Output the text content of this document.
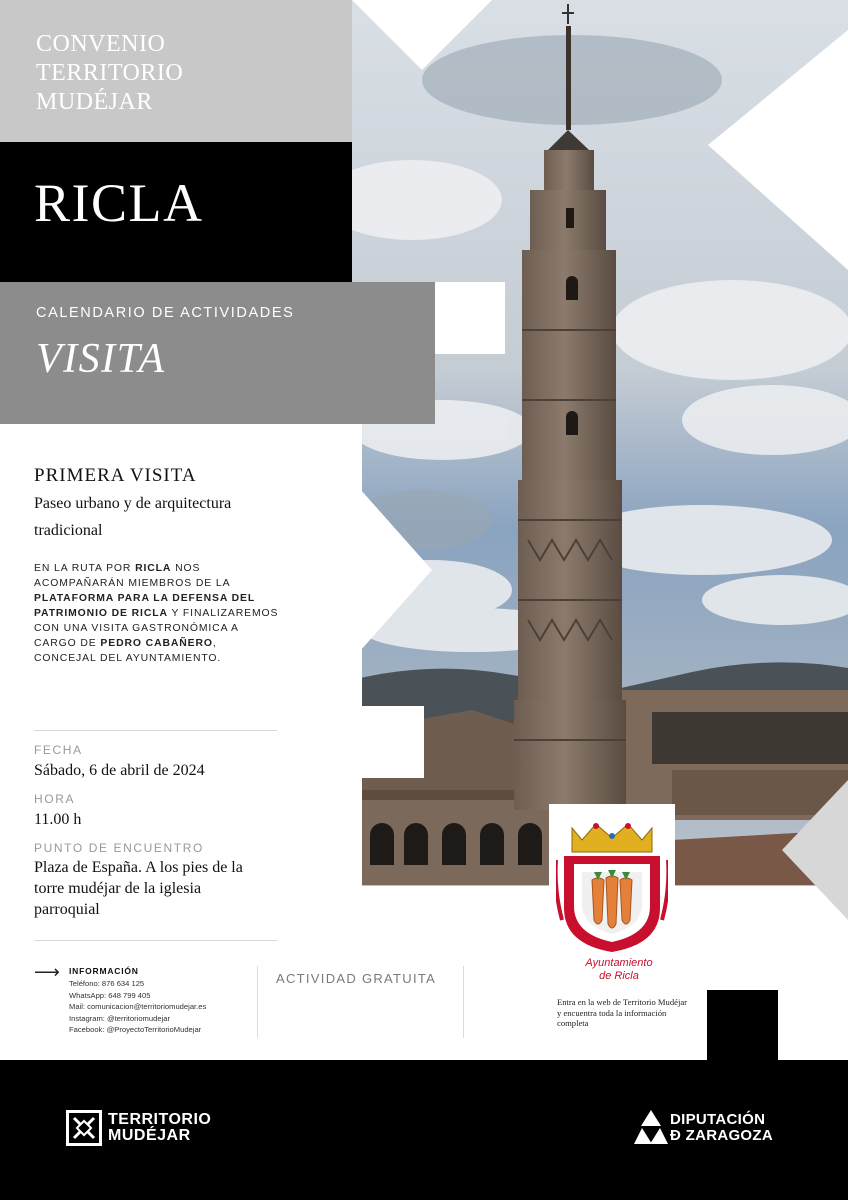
CONVENIO
TERRITORIO
MUDÉJAR
RICLA
CALENDARIO DE ACTIVIDADES
VISITA
PRIMERA VISITA
Paseo urbano y de arquitectura tradicional
EN LA RUTA POR RICLA NOS ACOMPAÑARÁN MIEMBROS DE LA PLATAFORMA PARA LA DEFENSA DEL PATRIMONIO DE RICLA Y FINALIZAREMOS CON UNA VISITA GASTRONÓMICA A CARGO DE PEDRO CABAÑERO, CONCEJAL DEL AYUNTAMIENTO.
FECHA
Sábado, 6 de abril de 2024
HORA
11.00 h
PUNTO DE ENCUENTRO
Plaza de España. A los pies de la torre mudéjar de la iglesia parroquial
⟶ INFORMACIÓN
Teléfono: 876 634 125
WhatsApp: 648 799 405
Mail: comunicacion@territoriomudejar.es
Instagram: @territoriomudejar
Facebook: @ProyectoTerritorioMudejar
ACTIVIDAD GRATUITA
Ayuntamiento
de Ricla
Entra en la web de Territorio Mudéjar y encuentra toda la información completa
TERRITORIO
MUDÉJAR
DIPUTACIÓN
Ð ZARAGOZA
